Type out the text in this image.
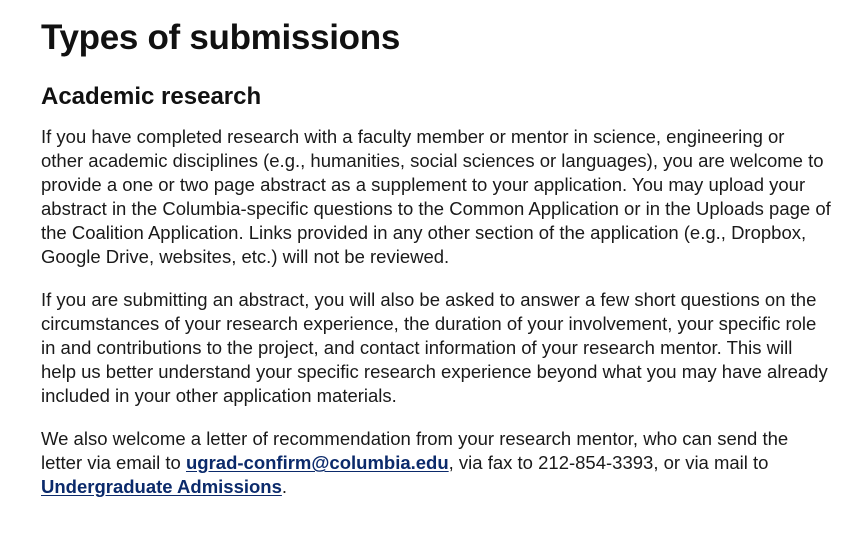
Types of submissions
Academic research

If you have completed research with a faculty member or mentor in science, engineering or other academic disciplines (e.g., humanities, social sciences or languages), you are welcome to provide a one or two page abstract as a supplement to your application. You may upload your abstract in the Columbia-specific questions to the Common Application or in the Uploads page of the Coalition Application. Links provided in any other section of the application (e.g., Dropbox, Google Drive, websites, etc.) will not be reviewed.

If you are submitting an abstract, you will also be asked to answer a few short questions on the circumstances of your research experience, the duration of your involvement, your specific role in and contributions to the project, and contact information of your research mentor. This will help us better understand your specific research experience beyond what you may have already included in your other application materials.

We also welcome a letter of recommendation from your research mentor, who can send the letter via email to ugrad-confirm@columbia.edu, via fax to 212-854-3393, or via mail to Undergraduate Admissions.
